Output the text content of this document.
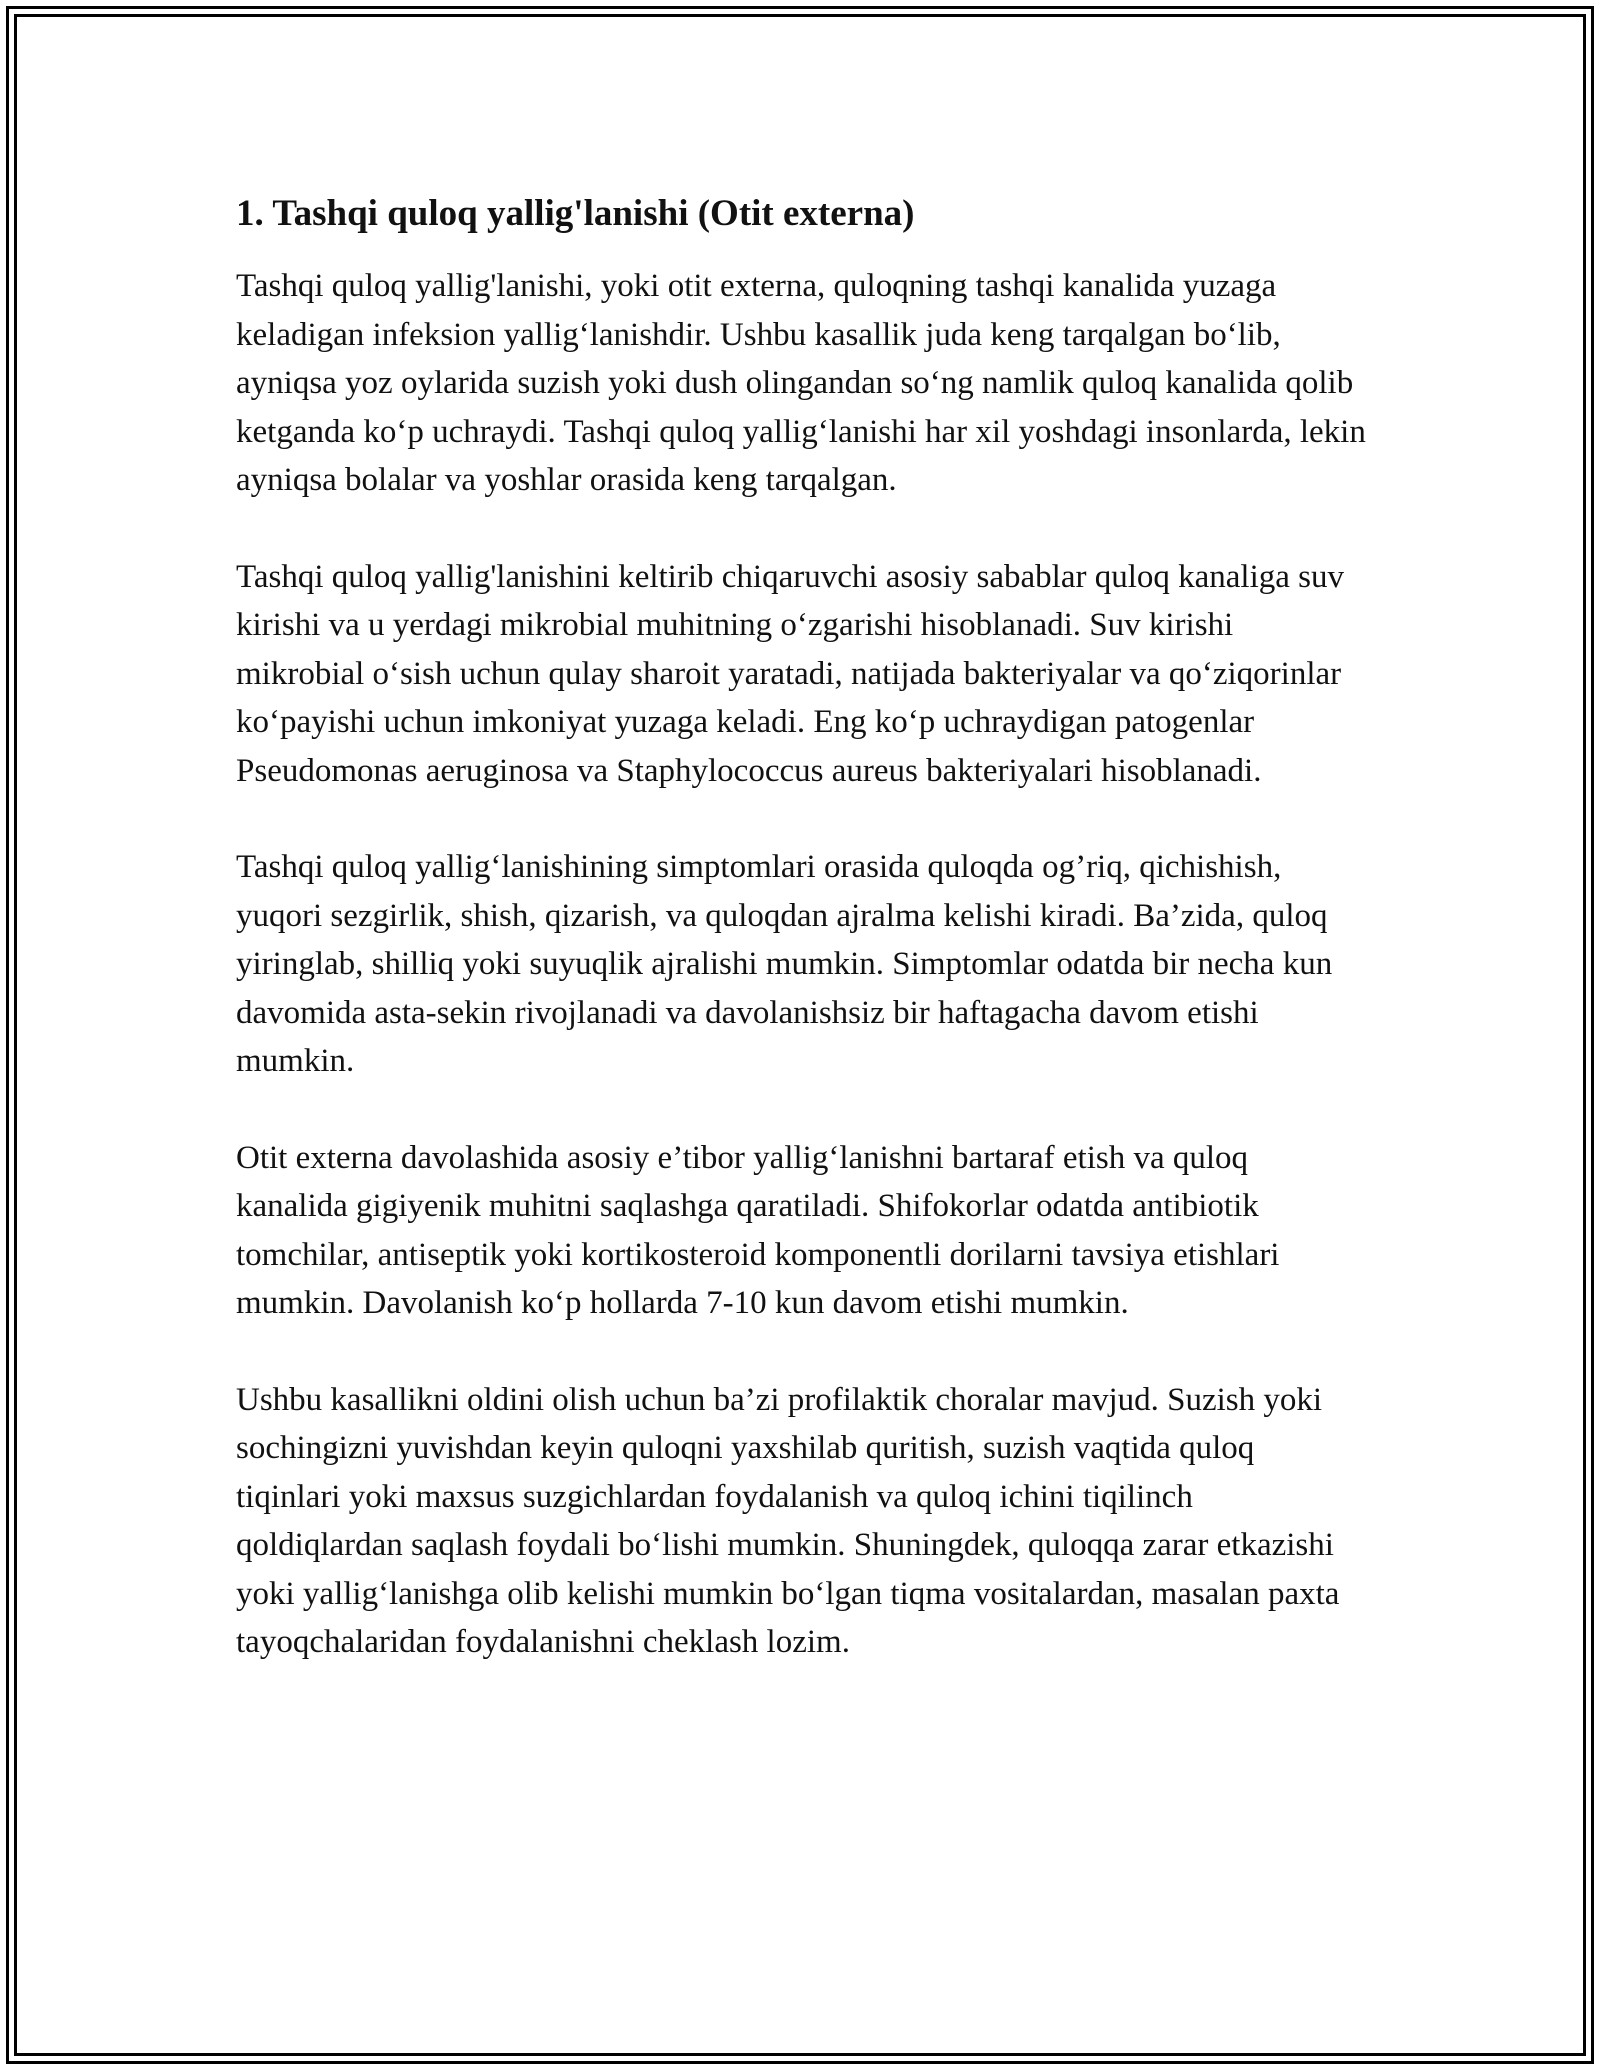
1. Tashqi quloq yallig'lanishi (Otit externa)

Tashqi quloq yallig'lanishi, yoki otit externa, quloqning tashqi kanalida yuzaga keladigan infeksion yallig‘lanishdir. Ushbu kasallik juda keng tarqalgan bo‘lib, ayniqsa yoz oylarida suzish yoki dush olingandan so‘ng namlik quloq kanalida qolib ketganda ko‘p uchraydi. Tashqi quloq yallig‘lanishi har xil yoshdagi insonlarda, lekin ayniqsa bolalar va yoshlar orasida keng tarqalgan.

Tashqi quloq yallig'lanishini keltirib chiqaruvchi asosiy sabablar quloq kanaliga suv kirishi va u yerdagi mikrobial muhitning o‘zgarishi hisoblanadi. Suv kirishi mikrobial o‘sish uchun qulay sharoit yaratadi, natijada bakteriyalar va qo‘ziqorinlar ko‘payishi uchun imkoniyat yuzaga keladi. Eng ko‘p uchraydigan patogenlar Pseudomonas aeruginosa va Staphylococcus aureus bakteriyalari hisoblanadi.

Tashqi quloq yallig‘lanishining simptomlari orasida quloqda og’riq, qichishish, yuqori sezgirlik, shish, qizarish, va quloqdan ajralma kelishi kiradi. Ba’zida, quloq yiringlab, shilliq yoki suyuqlik ajralishi mumkin. Simptomlar odatda bir necha kun davomida asta-sekin rivojlanadi va davolanishsiz bir haftagacha davom etishi mumkin.

Otit externa davolashida asosiy e’tibor yallig‘lanishni bartaraf etish va quloq kanalida gigiyenik muhitni saqlashga qaratiladi. Shifokorlar odatda antibiotik tomchilar, antiseptik yoki kortikosteroid komponentli dorilarni tavsiya etishlari mumkin. Davolanish ko‘p hollarda 7-10 kun davom etishi mumkin.

Ushbu kasallikni oldini olish uchun ba’zi profilaktik choralar mavjud. Suzish yoki sochingizni yuvishdan keyin quloqni yaxshilab quritish, suzish vaqtida quloq tiqinlari yoki maxsus suzgichlardan foydalanish va quloq ichini tiqilinch qoldiqlardan saqlash foydali bo‘lishi mumkin. Shuningdek, quloqqa zarar etkazishi yoki yallig‘lanishga olib kelishi mumkin bo‘lgan tiqma vositalardan, masalan paxta tayoqchalaridan foydalanishni cheklash lozim.
